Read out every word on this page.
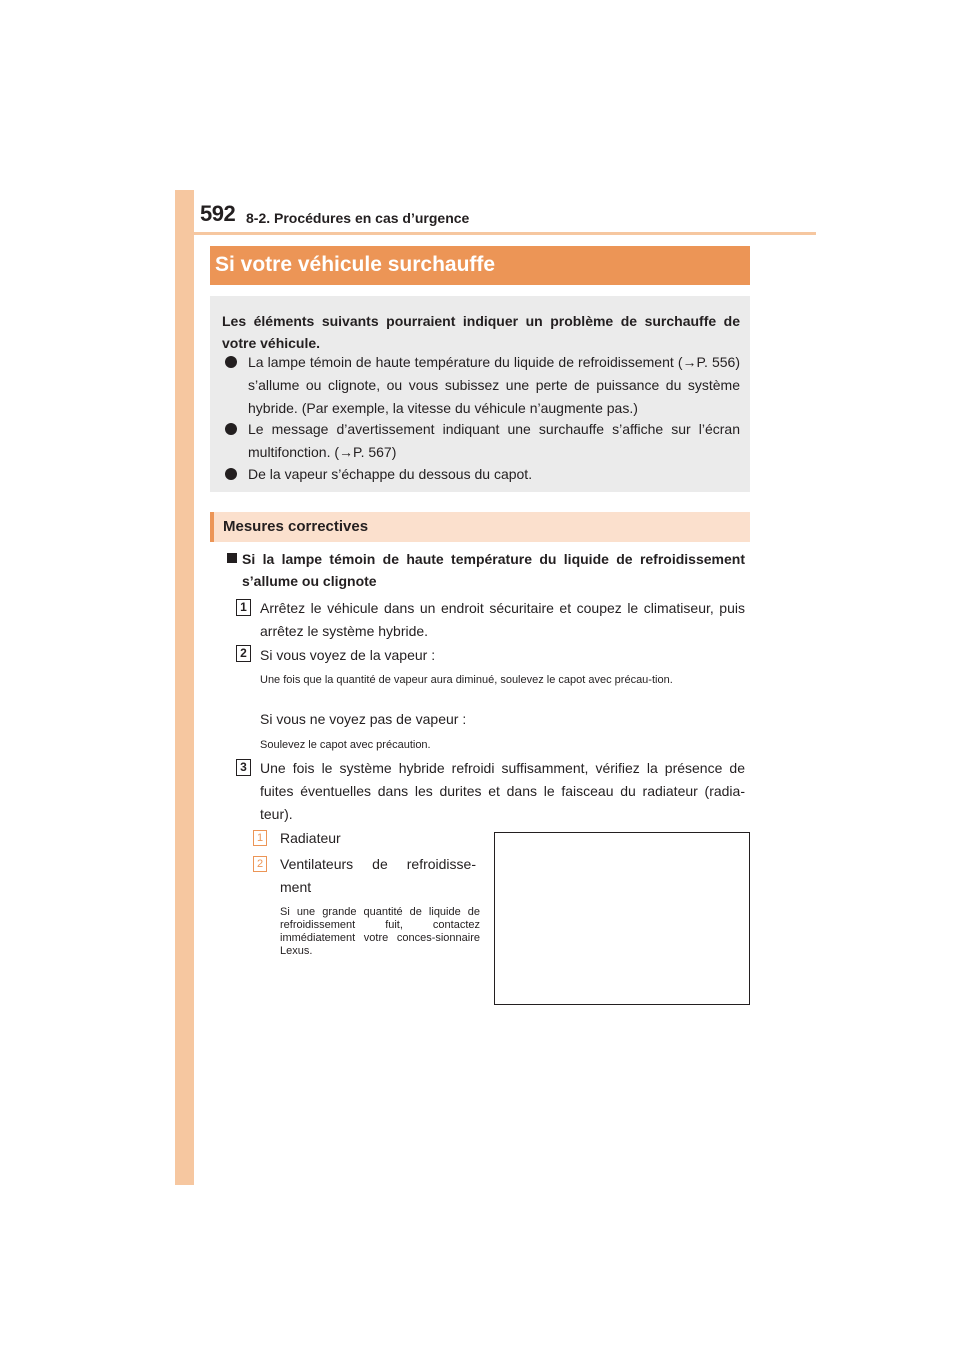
592 8-2. Procédures en cas d’urgence
Si votre véhicule surchauffe
Les éléments suivants pourraient indiquer un problème de surchauffe de votre véhicule.
La lampe témoin de haute température du liquide de refroidissement (→P. 556) s’allume ou clignote, ou vous subissez une perte de puissance du système hybride. (Par exemple, la vitesse du véhicule n’augmente pas.)
Le message d’avertissement indiquant une surchauffe s’affiche sur l’écran multifonction. (→P. 567)
De la vapeur s’échappe du dessous du capot.
Mesures correctives
Si la lampe témoin de haute température du liquide de refroidissement s’allume ou clignote
1 Arrêtez le véhicule dans un endroit sécuritaire et coupez le climatiseur, puis arrêtez le système hybride.
2 Si vous voyez de la vapeur :
Une fois que la quantité de vapeur aura diminué, soulevez le capot avec précau-tion.
Si vous ne voyez pas de vapeur :
Soulevez le capot avec précaution.
3 Une fois le système hybride refroidi suffisamment, vérifiez la présence de fuites éventuelles dans les durites et dans le faisceau du radiateur (radia-teur).
1 Radiateur
2 Ventilateurs de refroidisse-ment
Si une grande quantité de liquide de refroidissement fuit, contactez immédiatement votre conces-sionnaire Lexus.
